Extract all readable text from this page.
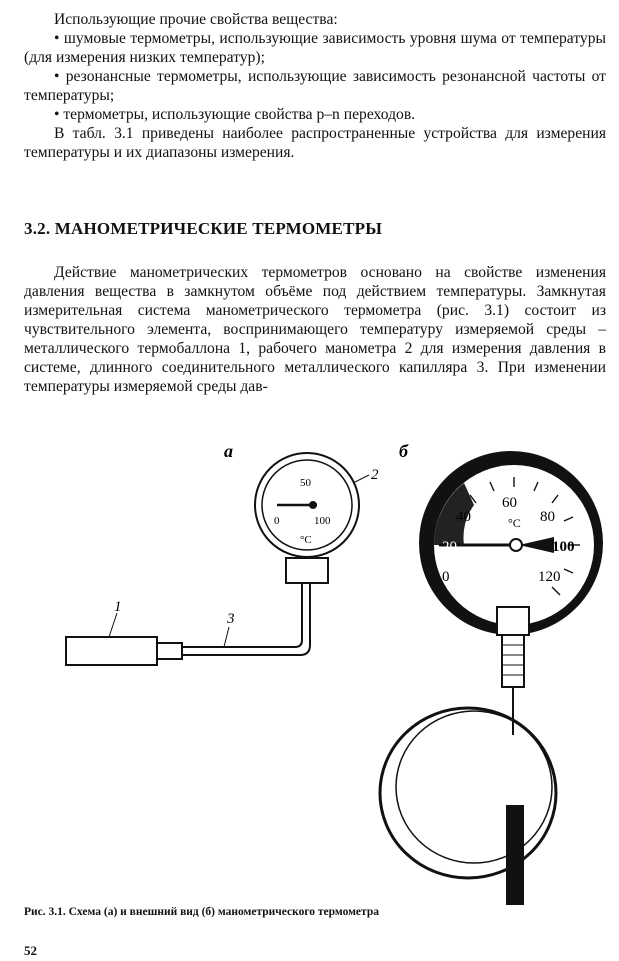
Использующие прочие свойства вещества:

• шумовые термометры, использующие зависимость уровня шума от температуры (для измерения низких температур);

• резонансные термометры, использующие зависимость резонансной частоты от температуры;

• термометры, использующие свойства p–n переходов.

В табл. 3.1 приведены наиболее распространенные устройства для измерения температуры и их диапазоны измерения.

3.2. МАНОМЕТРИЧЕСКИЕ ТЕРМОМЕТРЫ

Действие манометрических термометров основано на свойстве изменения давления вещества в замкнутом объёме под действием температуры. Замкнутая измерительная система манометрического термометра (рис. 3.1) состоит из чувствительного элемента, воспринимающего температуру измеряемой среды – металлического термобаллона 1, рабочего манометра 2 для измерения давления в системе, длинного соединительного металлического капилляра 3. При изменении температуры измеряемой среды дав-

а	б
0
50
100
°C
1
2
3
0
20
40
60
80
100
120
°C
Рис. 3.1. Схема (а) и внешний вид (б) манометрического термометра
52
